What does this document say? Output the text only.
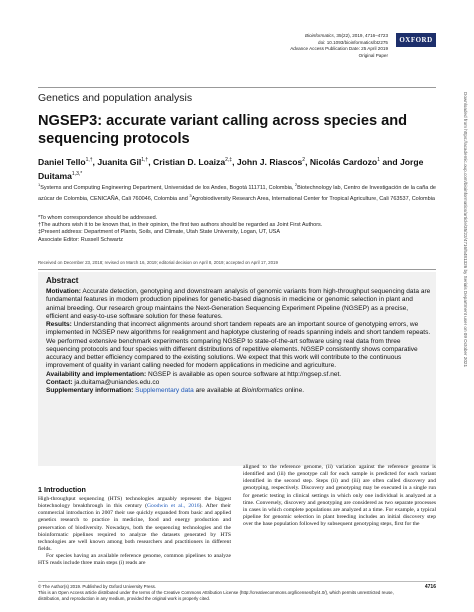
Bioinformatics, 35(22), 2019, 4716–4723
doi: 10.1093/bioinformatics/btz275
Advance Access Publication Date: 25 April 2019
Original Paper
OXFORD
Genetics and population analysis
NGSEP3: accurate variant calling across species and sequencing protocols
Daniel Tello$^{1,\dagger}$, Juanita Gil$^{1,\dagger}$, Cristian D. Loaiza$^{2,\ddagger}$, John J. Riascos$^2$, Nicolás Cardozo$^1$ and Jorge Duitama$^{1,3,*}$
$^1$Systems and Computing Engineering Department, Universidad de los Andes, Bogotá 111711, Colombia, $^2$Biotechnology lab, Centro de Investigación de la caña de azúcar de Colombia, CENICAÑA, Cali 760046, Colombia and $^3$Agrobiodiversity Research Area, International Center for Tropical Agriculture, Cali 763537, Colombia
*To whom correspondence should be addressed.
†The authors wish it to be known that, in their opinion, the first two authors should be regarded as Joint First Authors.
‡Present address: Department of Plants, Soils, and Climate, Utah State University, Logan, UT, USA
Associate Editor: Russell Schwartz
Received on December 23, 2018; revised on March 16, 2019; editorial decision on April 8, 2019; accepted on April 17, 2019
Abstract
Motivation: Accurate detection, genotyping and downstream analysis of genomic variants from high-throughput sequencing data are fundamental features in modern production pipelines for genetic-based diagnosis in medicine or genomic selection in plant and animal breeding. Our research group maintains the Next-Generation Sequencing Experiment Pipeline (NGSEP) as a precise, efficient and easy-to-use software solution for these features.
Results: Understanding that incorrect alignments around short tandem repeats are an important source of genotyping errors, we implemented in NGSEP new algorithms for realignment and haplotype clustering of reads spanning indels and short tandem repeats. We performed extensive benchmark experiments comparing NGSEP to state-of-the-art software using real data from three sequencing protocols and four species with different distributions of repetitive elements. NGSEP consistently shows comparative accuracy and better efficiency compared to the existing solutions. We expect that this work will contribute to the continuous improvement of quality in variant calling needed for modern applications in medicine and agriculture.
Availability and implementation: NGSEP is available as open source software at http://ngsep.sf.net.
Contact: ja.duitama@uniandes.edu.co
Supplementary information: Supplementary data are available at Bioinformatics online.
1 Introduction
High-throughput sequencing (HTS) technologies arguably represent the biggest biotechnology breakthrough in this century (Goodwin et al., 2016). After their commercial introduction in 2007 their use quickly expanded from basic and applied genetics research to practice in medicine, food and energy production and preservation of biodiversity. Nowadays, both the sequencing technologies and the bioinformatic pipelines required to analyze the datasets generated by HTS technologies are well known among both researchers and practitioners in different fields.
For species having an available reference genome, common pipelines to analyze HTS reads include three main steps (i) reads are
aligned to the reference genome, (ii) variation against the reference genome is identified and (iii) the genotype call for each sample is predicted for each variant identified in the second step. Steps (ii) and (iii) are often called discovery and genotyping, respectively. Discovery and genotyping may be executed in a single run for genetic testing in clinical settings in which only one individual is analyzed at a time. Conversely, discovery and genotyping are considered as two separate processes in cases in which complete populations are analyzed at a time. For example, a typical pipeline for genomic selection in plant breeding includes an initial discovery step over the base population followed by subsequent genotyping steps, first for the
© The Author(s) 2019. Published by Oxford University Press.
This is an Open Access article distributed under the terms of the Creative Commons Attribution License (http://creativecommons.org/licenses/by/4.0/), which permits unrestricted reuse, distribution, and reproduction in any medium, provided the original work is properly cited.
4716
Downloaded from https://academic.oup.com/bioinformatics/article/35/22/4716/5481326 by Serials Department user on 09 October 2021
